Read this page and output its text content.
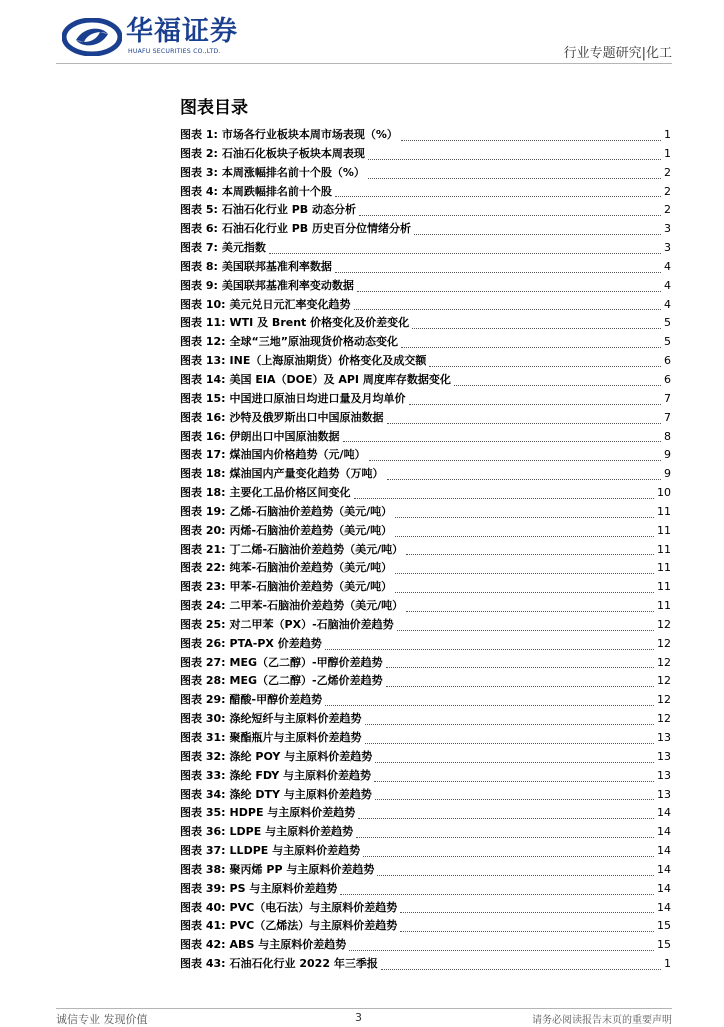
华福证券
HUAFU SECURITIES CO.,LTD.	行业专题研究|化工
图表目录
图表 1: 市场各行业板块本周市场表现（%）	1
图表 2: 石油石化板块子板块本周表现	1
图表 3: 本周涨幅排名前十个股（%）	2
图表 4: 本周跌幅排名前十个股	2
图表 5: 石油石化行业 PB 动态分析	2
图表 6: 石油石化行业 PB 历史百分位情绪分析	3
图表 7: 美元指数	3
图表 8: 美国联邦基准利率数据	4
图表 9: 美国联邦基准利率变动数据	4
图表 10: 美元兑日元汇率变化趋势	4
图表 11: WTI 及 Brent 价格变化及价差变化	5
图表 12: 全球“三地”原油现货价格动态变化	5
图表 13: INE（上海原油期货）价格变化及成交额	6
图表 14: 美国 EIA（DOE）及 API 周度库存数据变化	6
图表 15: 中国进口原油日均进口量及月均单价	7
图表 16: 沙特及俄罗斯出口中国原油数据	7
图表 16: 伊朗出口中国原油数据	8
图表 17: 煤油国内价格趋势（元/吨）	9
图表 18: 煤油国内产量变化趋势（万吨）	9
图表 18: 主要化工品价格区间变化	10
图表 19: 乙烯-石脑油价差趋势（美元/吨）	11
图表 20: 丙烯-石脑油价差趋势（美元/吨）	11
图表 21: 丁二烯-石脑油价差趋势（美元/吨）	11
图表 22: 纯苯-石脑油价差趋势（美元/吨）	11
图表 23: 甲苯-石脑油价差趋势（美元/吨）	11
图表 24: 二甲苯-石脑油价差趋势（美元/吨）	11
图表 25: 对二甲苯（PX）-石脑油价差趋势	12
图表 26: PTA-PX 价差趋势	12
图表 27: MEG（乙二醇）-甲醇价差趋势	12
图表 28: MEG（乙二醇）-乙烯价差趋势	12
图表 29: 醋酸-甲醇价差趋势	12
图表 30: 涤纶短纤与主原料价差趋势	12
图表 31: 聚酯瓶片与主原料价差趋势	13
图表 32: 涤纶 POY 与主原料价差趋势	13
图表 33: 涤纶 FDY 与主原料价差趋势	13
图表 34: 涤纶 DTY 与主原料价差趋势	13
图表 35: HDPE 与主原料价差趋势	14
图表 36: LDPE 与主原料价差趋势	14
图表 37: LLDPE 与主原料价差趋势	14
图表 38: 聚丙烯 PP 与主原料价差趋势	14
图表 39: PS 与主原料价差趋势	14
图表 40: PVC（电石法）与主原料价差趋势	14
图表 41: PVC（乙烯法）与主原料价差趋势	15
图表 42: ABS 与主原料价差趋势	15
图表 43: 石油石化行业 2022 年三季报	1
诚信专业 发现价值	3	请务必阅读报告末页的重要声明
